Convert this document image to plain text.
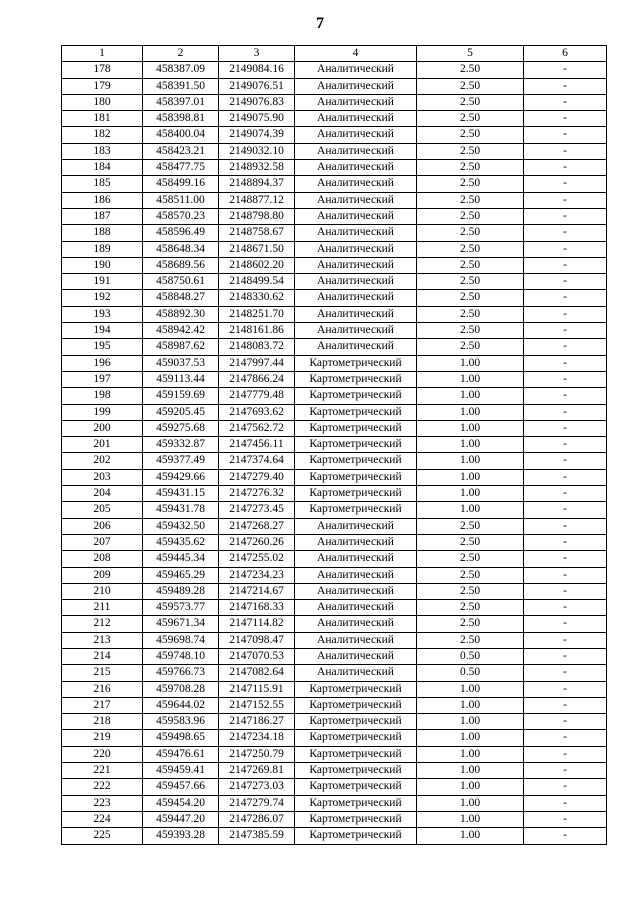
7
1	2	3	4	5	6
178	458387.09	2149084.16	Аналитический	2.50	-
179	458391.50	2149076.51	Аналитический	2.50	-
180	458397.01	2149076.83	Аналитический	2.50	-
181	458398.81	2149075.90	Аналитический	2.50	-
182	458400.04	2149074.39	Аналитический	2.50	-
183	458423.21	2149032.10	Аналитический	2.50	-
184	458477.75	2148932.58	Аналитический	2.50	-
185	458499.16	2148894.37	Аналитический	2.50	-
186	458511.00	2148877.12	Аналитический	2.50	-
187	458570.23	2148798.80	Аналитический	2.50	-
188	458596.49	2148758.67	Аналитический	2.50	-
189	458648.34	2148671.50	Аналитический	2.50	-
190	458689.56	2148602.20	Аналитический	2.50	-
191	458750.61	2148499.54	Аналитический	2.50	-
192	458848.27	2148330.62	Аналитический	2.50	-
193	458892.30	2148251.70	Аналитический	2.50	-
194	458942.42	2148161.86	Аналитический	2.50	-
195	458987.62	2148083.72	Аналитический	2.50	-
196	459037.53	2147997.44	Картометрический	1.00	-
197	459113.44	2147866.24	Картометрический	1.00	-
198	459159.69	2147779.48	Картометрический	1.00	-
199	459205.45	2147693.62	Картометрический	1.00	-
200	459275.68	2147562.72	Картометрический	1.00	-
201	459332.87	2147456.11	Картометрический	1.00	-
202	459377.49	2147374.64	Картометрический	1.00	-
203	459429.66	2147279.40	Картометрический	1.00	-
204	459431.15	2147276.32	Картометрический	1.00	-
205	459431.78	2147273.45	Картометрический	1.00	-
206	459432.50	2147268.27	Аналитический	2.50	-
207	459435.62	2147260.26	Аналитический	2.50	-
208	459445.34	2147255.02	Аналитический	2.50	-
209	459465.29	2147234.23	Аналитический	2.50	-
210	459489.28	2147214.67	Аналитический	2.50	-
211	459573.77	2147168.33	Аналитический	2.50	-
212	459671.34	2147114.82	Аналитический	2.50	-
213	459698.74	2147098.47	Аналитический	2.50	-
214	459748.10	2147070.53	Аналитический	0.50	-
215	459766.73	2147082.64	Аналитический	0.50	-
216	459708.28	2147115.91	Картометрический	1.00	-
217	459644.02	2147152.55	Картометрический	1.00	-
218	459583.96	2147186.27	Картометрический	1.00	-
219	459498.65	2147234.18	Картометрический	1.00	-
220	459476.61	2147250.79	Картометрический	1.00	-
221	459459.41	2147269.81	Картометрический	1.00	-
222	459457.66	2147273.03	Картометрический	1.00	-
223	459454.20	2147279.74	Картометрический	1.00	-
224	459447.20	2147286.07	Картометрический	1.00	-
225	459393.28	2147385.59	Картометрический	1.00	-
